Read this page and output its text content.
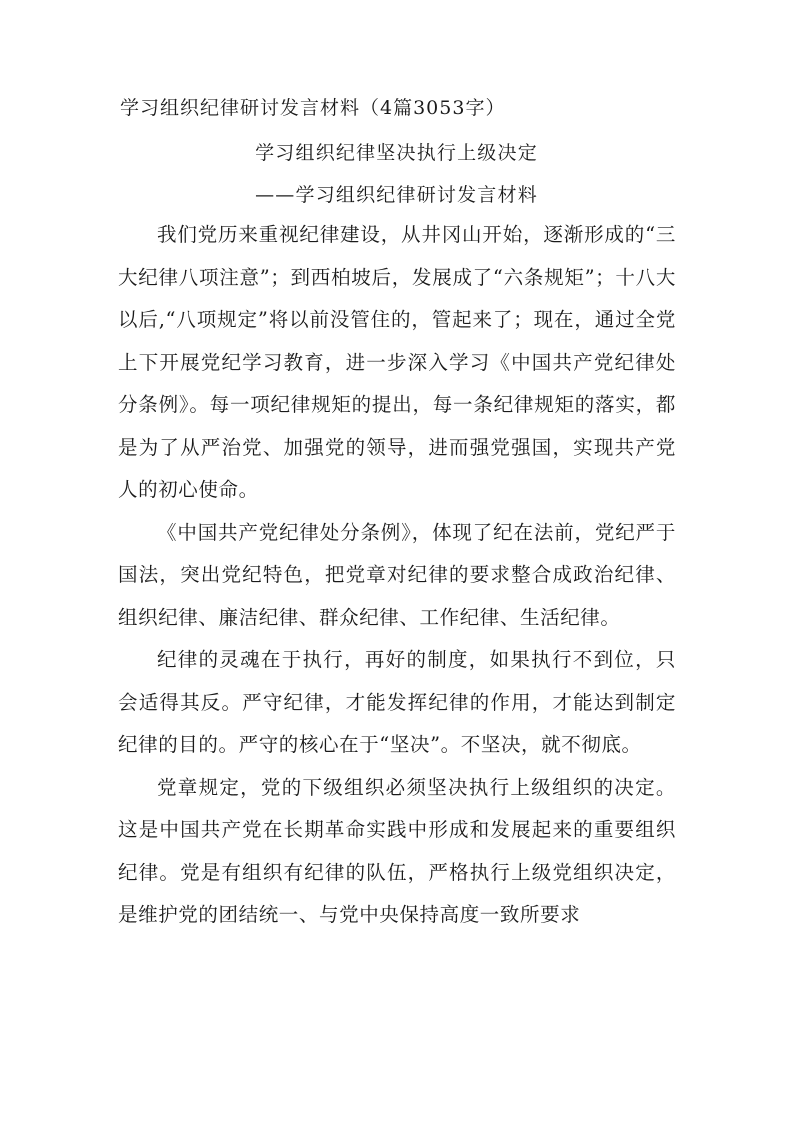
学习组织纪律研讨发言材料（4篇3053字）
学习组织纪律坚决执行上级决定
——学习组织纪律研讨发言材料

我们党历来重视纪律建设，从井冈山开始，逐渐形成的“三大纪律八项注意”；到西柏坡后，发展成了“六条规矩”；十八大以后,“八项规定”将以前没管住的，管起来了；现在，通过全党上下开展党纪学习教育，进一步深入学习《中国共产党纪律处分条例》。每一项纪律规矩的提出，每一条纪律规矩的落实，都是为了从严治党、加强党的领导，进而强党强国，实现共产党人的初心使命。

《中国共产党纪律处分条例》，体现了纪在法前，党纪严于国法，突出党纪特色，把党章对纪律的要求整合成政治纪律、组织纪律、廉洁纪律、群众纪律、工作纪律、生活纪律。

纪律的灵魂在于执行，再好的制度，如果执行不到位，只会适得其反。严守纪律，才能发挥纪律的作用，才能达到制定纪律的目的。严守的核心在于“坚决”。不坚决，就不彻底。

党章规定，党的下级组织必须坚决执行上级组织的决定。这是中国共产党在长期革命实践中形成和发展起来的重要组织纪律。党是有组织有纪律的队伍，严格执行上级党组织决定，是维护党的团结统一、与党中央保持高度一致所要求
